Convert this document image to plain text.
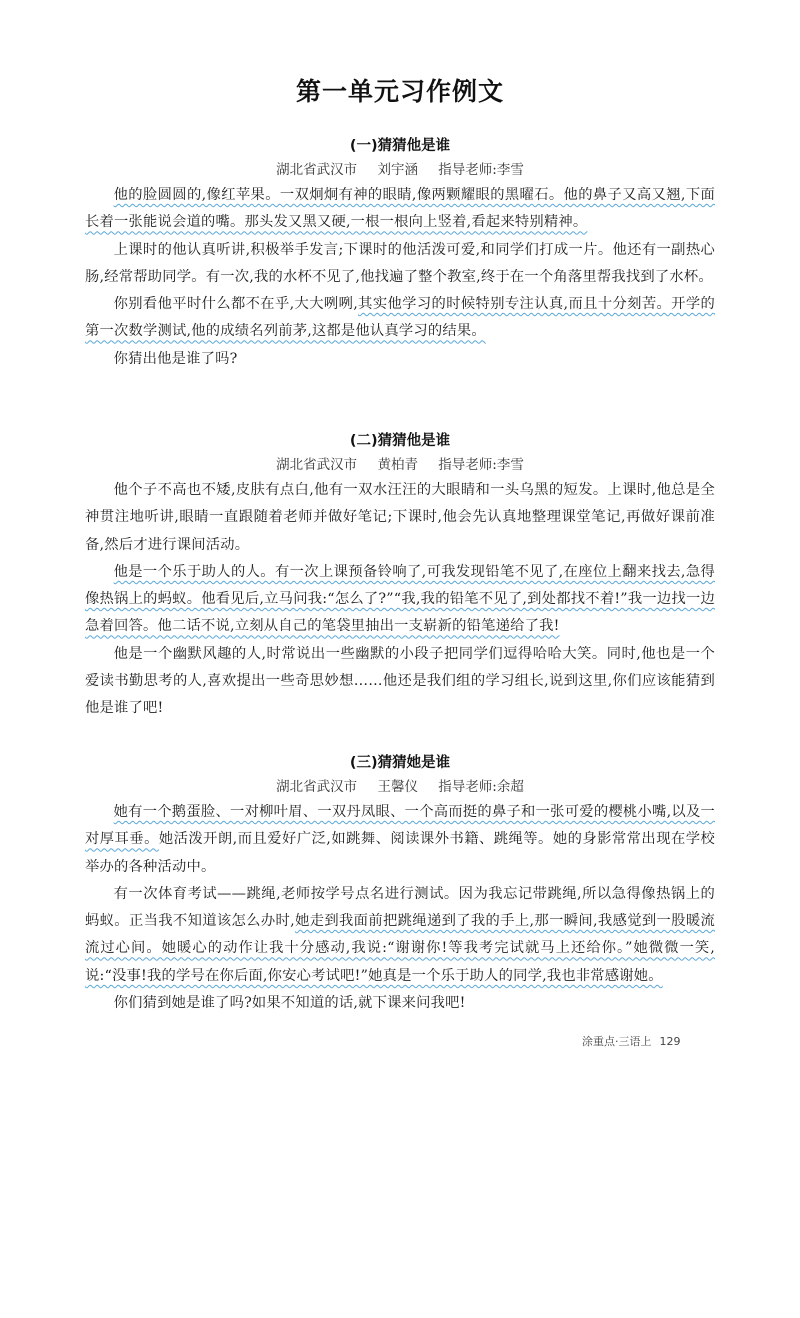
第一单元习作例文
(一)猜猜他是谁
湖北省武汉市 刘宇涵 指导老师:李雪

他的脸圆圆的,像红苹果。一双炯炯有神的眼睛,像两颗耀眼的黑曜石。他的鼻子又高又翘,下面长着一张能说会道的嘴。那头发又黑又硬,一根一根向上竖着,看起来特别精神。

上课时的他认真听讲,积极举手发言;下课时的他活泼可爱,和同学们打成一片。他还有一副热心肠,经常帮助同学。有一次,我的水杯不见了,他找遍了整个教室,终于在一个角落里帮我找到了水杯。

你别看他平时什么都不在乎,大大咧咧,其实他学习的时候特别专注认真,而且十分刻苦。开学的第一次数学测试,他的成绩名列前茅,这都是他认真学习的结果。

你猜出他是谁了吗?

(二)猜猜他是谁
湖北省武汉市 黄柏青 指导老师:李雪

他个子不高也不矮,皮肤有点白,他有一双水汪汪的大眼睛和一头乌黑的短发。上课时,他总是全神贯注地听讲,眼睛一直跟随着老师并做好笔记;下课时,他会先认真地整理课堂笔记,再做好课前准备,然后才进行课间活动。

他是一个乐于助人的人。有一次上课预备铃响了,可我发现铅笔不见了,在座位上翻来找去,急得像热锅上的蚂蚁。他看见后,立马问我:“怎么了?”“我,我的铅笔不见了,到处都找不着!”我一边找一边急着回答。他二话不说,立刻从自己的笔袋里抽出一支崭新的铅笔递给了我!

他是一个幽默风趣的人,时常说出一些幽默的小段子把同学们逗得哈哈大笑。同时,他也是一个爱读书勤思考的人,喜欢提出一些奇思妙想……他还是我们组的学习组长,说到这里,你们应该能猜到他是谁了吧!

(三)猜猜她是谁
湖北省武汉市 王馨仪 指导老师:余超

她有一个鹅蛋脸、一对柳叶眉、一双丹凤眼、一个高而挺的鼻子和一张可爱的樱桃小嘴,以及一对厚耳垂。她活泼开朗,而且爱好广泛,如跳舞、阅读课外书籍、跳绳等。她的身影常常出现在学校举办的各种活动中。

有一次体育考试——跳绳,老师按学号点名进行测试。因为我忘记带跳绳,所以急得像热锅上的蚂蚁。正当我不知道该怎么办时,她走到我面前把跳绳递到了我的手上,那一瞬间,我感觉到一股暖流流过心间。她暖心的动作让我十分感动,我说:“谢谢你!等我考完试就马上还给你。”她微微一笑,说:“没事!我的学号在你后面,你安心考试吧!”她真是一个乐于助人的同学,我也非常感谢她。

你们猜到她是谁了吗?如果不知道的话,就下课来问我吧!

涂重点·三语上 129
